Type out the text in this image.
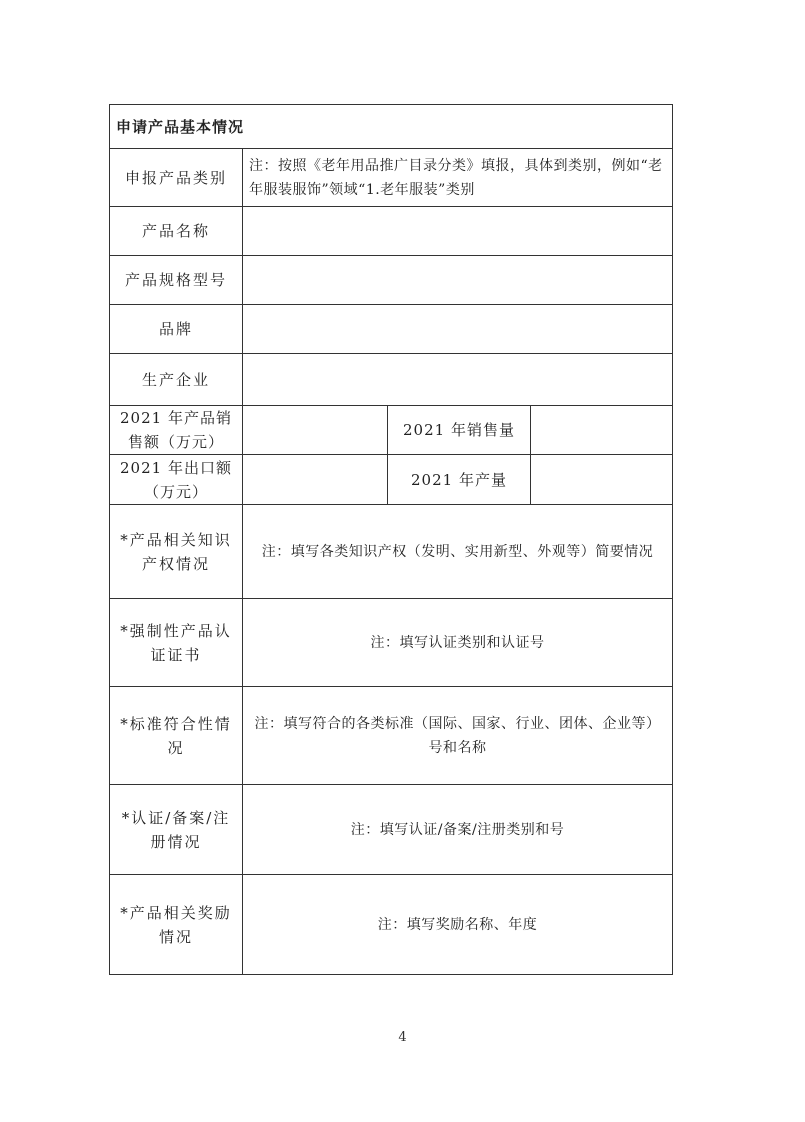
申请产品基本情况			
申报产品类别	注：按照《老年用品推广目录分类》填报，具体到类别，例如“老年服装服饰”领域“1.老年服装”类别		
产品名称			
产品规格型号			
品牌			
生产企业			
2021 年产品销售额（万元）		2021 年销售量	
2021 年出口额（万元）		2021 年产量	
*产品相关知识产权情况	注：填写各类知识产权（发明、实用新型、外观等）简要情况		
*强制性产品认证证书	注：填写认证类别和认证号		
*标准符合性情况	注：填写符合的各类标准（国际、国家、行业、团体、企业等）号和名称		
*认证/备案/注册情况	注：填写认证/备案/注册类别和号		
*产品相关奖励情况	注：填写奖励名称、年度		
4
